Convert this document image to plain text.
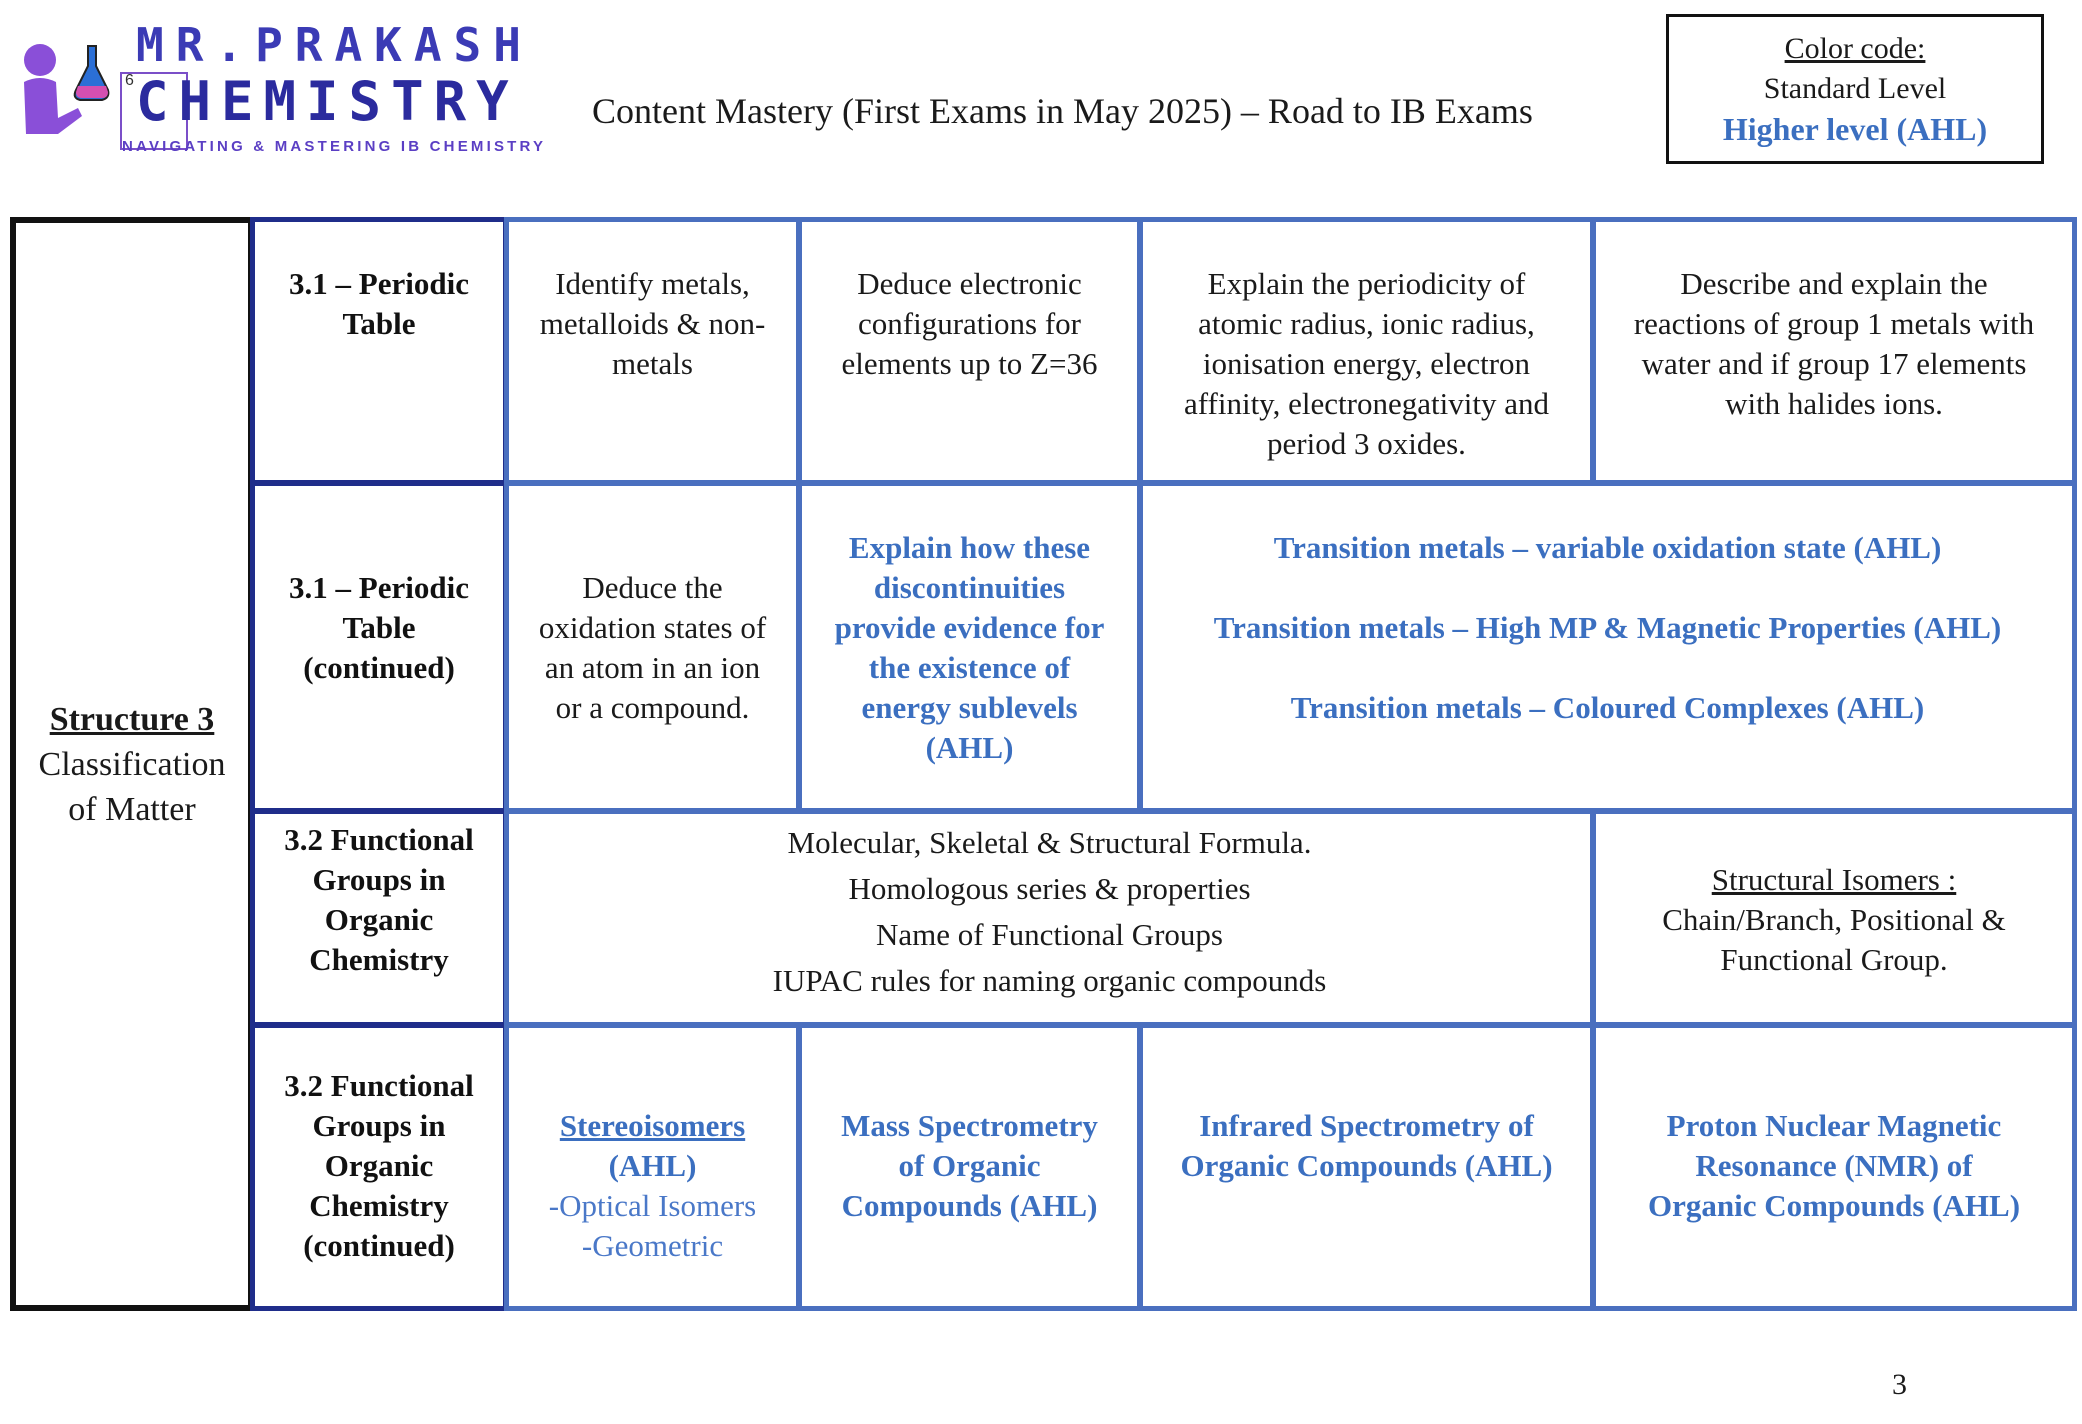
MR.PRAKASH
6 CHEMISTRY
NAVIGATING & MASTERING IB CHEMISTRY
Content Mastery (First Exams in May 2025) – Road to IB Exams
Color code:
Standard Level
Higher level (AHL)
Structure 3
Classification
of Matter
3.1 – Periodic
Table
Identify metals,
metalloids & non-
metals
Deduce electronic
configurations for
elements up to Z=36
Explain the periodicity of
atomic radius, ionic radius,
ionisation energy, electron
affinity, electronegativity and
period 3 oxides.
Describe and explain the
reactions of group 1 metals with
water and if group 17 elements
with halides ions.
3.1 – Periodic
Table
(continued)
Deduce the
oxidation states of
an atom in an ion
or a compound.
Explain how these
discontinuities
provide evidence for
the existence of
energy sublevels
(AHL)
Transition metals – variable oxidation state (AHL)
Transition metals – High MP & Magnetic Properties (AHL)
Transition metals – Coloured Complexes (AHL)
3.2 Functional
Groups in
Organic
Chemistry
Molecular, Skeletal & Structural Formula.
Homologous series & properties
Name of Functional Groups
IUPAC rules for naming organic compounds
Structural Isomers :
Chain/Branch, Positional &
Functional Group.
3.2 Functional
Groups in
Organic
Chemistry
(continued)
Stereoisomers
(AHL)
-Optical Isomers
-Geometric
Mass Spectrometry
of Organic
Compounds (AHL)
Infrared Spectrometry of
Organic Compounds (AHL)
Proton Nuclear Magnetic
Resonance (NMR) of
Organic Compounds (AHL)
3
